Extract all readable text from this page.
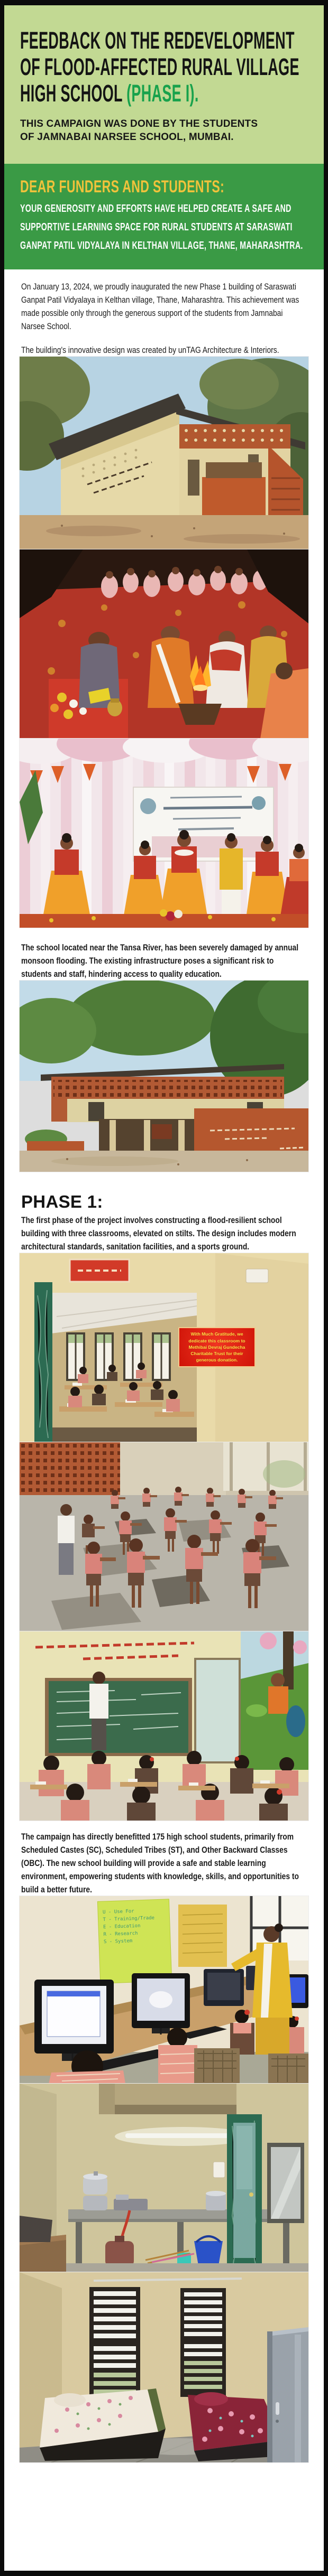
FEEDBACK ON THE REDEVELOPMENT
OF FLOOD-AFFECTED RURAL VILLAGE
HIGH SCHOOL (PHASE I).
THIS CAMPAIGN WAS DONE BY THE STUDENTS
OF JAMNABAI NARSEE SCHOOL, MUMBAI.
DEAR FUNDERS AND STUDENTS:
YOUR GENEROSITY AND EFFORTS HAVE HELPED CREATE A SAFE AND
SUPPORTIVE LEARNING SPACE FOR RURAL STUDENTS AT SARASWATI
GANPAT PATIL VIDYALAYA IN KELTHAN VILLAGE, THANE, MAHARASHTRA.

On January 13, 2024, we proudly inaugurated the new Phase 1 building of Saraswati Ganpat Patil Vidyalaya in Kelthan village, Thane, Maharashtra. This achievement was made possible only through the generous support of the students from Jamnabai Narsee School.

The building's innovative design was created by unTAG Architecture & Interiors.

The school located near the Tansa River, has been severely damaged by annual monsoon flooding. The existing infrastructure poses a significant risk to students and staff, hindering access to quality education.

PHASE 1:

The first phase of the project involves constructing a flood-resilient school building with three classrooms, elevated on stilts. The design includes modern architectural standards, sanitation facilities, and a sports ground.

With Much Gratitude, we dedicate this classroom to Methibai Devraj Gundecha Charitable Trust for their generous donation.

The campaign has directly benefitted 175 high school students, primarily from Scheduled Castes (SC), Scheduled Tribes (ST), and Other Backward Classes (OBC). The new school building will provide a safe and stable learning environment, empowering students with knowledge, skills, and opportunities to build a better future.

U - Use For
T - Training/Trade
E - Education
R - Research
S - System
